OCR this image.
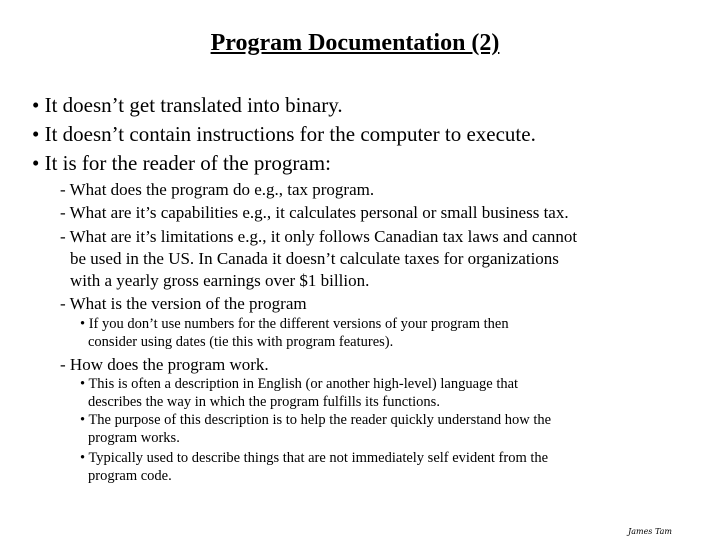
Program Documentation (2)
• It doesn’t get translated into binary.
• It doesn’t contain instructions for the computer to execute.
• It is for the reader of the program:
- What does the program do e.g., tax program.
- What are it’s capabilities e.g., it calculates personal or small business tax.
- What are it’s limitations e.g., it only follows Canadian tax laws and cannot
be used in the US. In Canada it doesn’t calculate taxes for organizations
with a yearly gross earnings over $1 billion.
- What is the version of the program
• If you don’t use numbers for the different versions of your program then
consider using dates (tie this with program features).
- How does the program work.
• This is often a description in English (or another high-level) language that
describes the way in which the program fulfills its functions.
• The purpose of this description is to help the reader quickly understand how the
program works.
• Typically used to describe things that are not immediately self evident from the
program code.
James Tam
